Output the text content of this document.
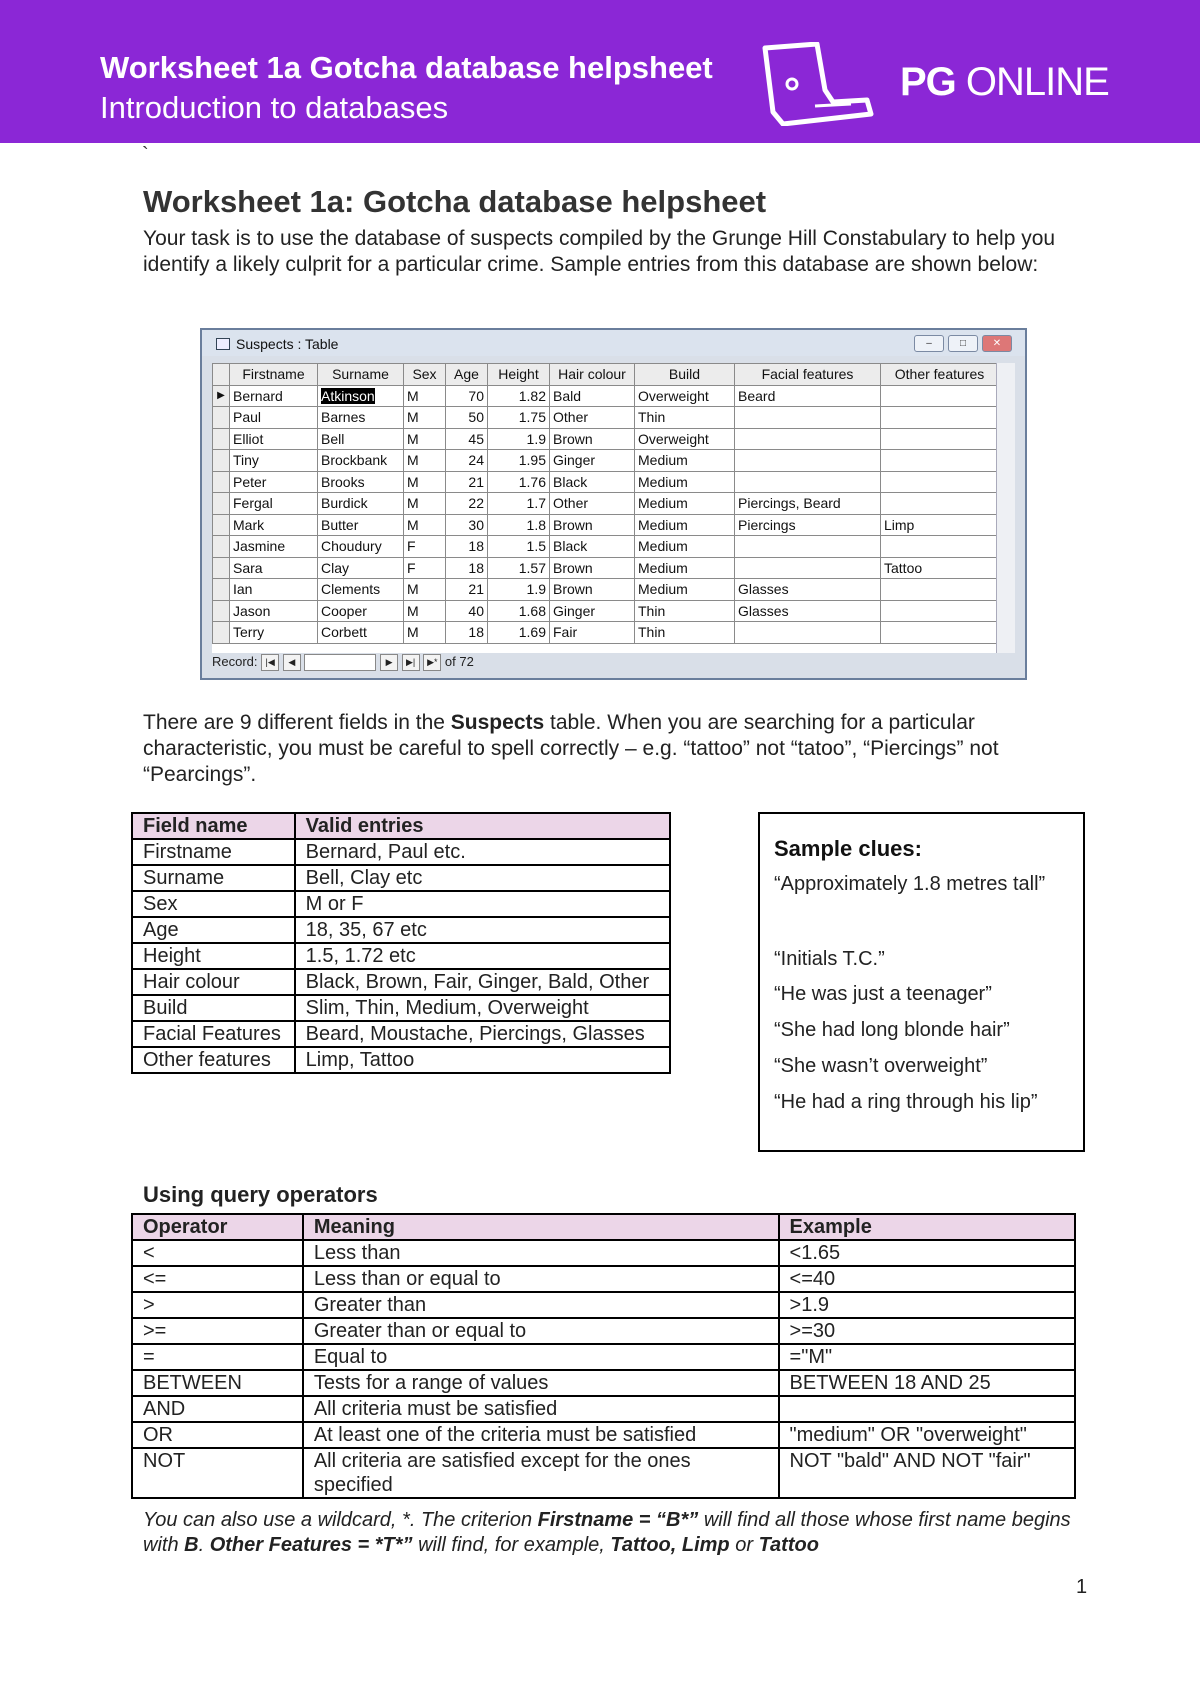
Worksheet 1a Gotcha database helpsheet
Introduction to databases
PG ONLINE
`
Worksheet 1a: Gotcha database helpsheet
Your task is to use the database of suspects compiled by the Grunge Hill Constabulary to help you identify a likely culprit for a particular crime. Sample entries from this database are shown below:
Suspects : Table	–	□	✕
	Firstname	Surname	Sex	Age	Height	Hair colour	Build	Facial features	Other features
▶	Bernard	Atkinson	M	70	1.82	Bald	Overweight	Beard	
	Paul	Barnes	M	50	1.75	Other	Thin		
	Elliot	Bell	M	45	1.9	Brown	Overweight		
	Tiny	Brockbank	M	24	1.95	Ginger	Medium		
	Peter	Brooks	M	21	1.76	Black	Medium		
	Fergal	Burdick	M	22	1.7	Other	Medium	Piercings, Beard	
	Mark	Butter	M	30	1.8	Brown	Medium	Piercings	Limp
	Jasmine	Choudury	F	18	1.5	Black	Medium		
	Sara	Clay	F	18	1.57	Brown	Medium		Tattoo
	Ian	Clements	M	21	1.9	Brown	Medium	Glasses	
	Jason	Cooper	M	40	1.68	Ginger	Thin	Glasses	
	Terry	Corbett	M	18	1.69	Fair	Thin		
Record: |◀ ◀	▶ ▶| ▶* of 72
There are 9 different fields in the Suspects table. When you are searching for a particular characteristic, you must be careful to spell correctly – e.g. “tattoo” not “tatoo”, “Piercings” not “Pearcings”.
Field name	Valid entries
Firstname	Bernard, Paul etc.
Surname	Bell, Clay etc
Sex	M or F
Age	18, 35, 67 etc
Height	1.5, 1.72 etc
Hair colour	Black, Brown, Fair, Ginger, Bald, Other
Build	Slim, Thin, Medium, Overweight
Facial Features	Beard, Moustache, Piercings, Glasses
Other features	Limp, Tattoo
Sample clues:
“Approximately 1.8 metres tall”
“Initials T.C.”
“He was just a teenager”
“She had long blonde hair”
“She wasn’t overweight”
“He had a ring through his lip”
Using query operators
Operator	Meaning	Example
<	Less than	<1.65
<=	Less than or equal to	<=40
>	Greater than	>1.9
>=	Greater than or equal to	>=30
=	Equal to	="M"
BETWEEN	Tests for a range of values	BETWEEN 18 AND 25
AND	All criteria must be satisfied	
OR	At least one of the criteria must be satisfied	"medium" OR "overweight"
NOT	All criteria are satisfied except for the ones specified	NOT "bald" AND NOT "fair"
You can also use a wildcard, *. The criterion Firstname = “B*” will find all those whose first name begins with B. Other Features = *T*” will find, for example, Tattoo, Limp or Tattoo
1
